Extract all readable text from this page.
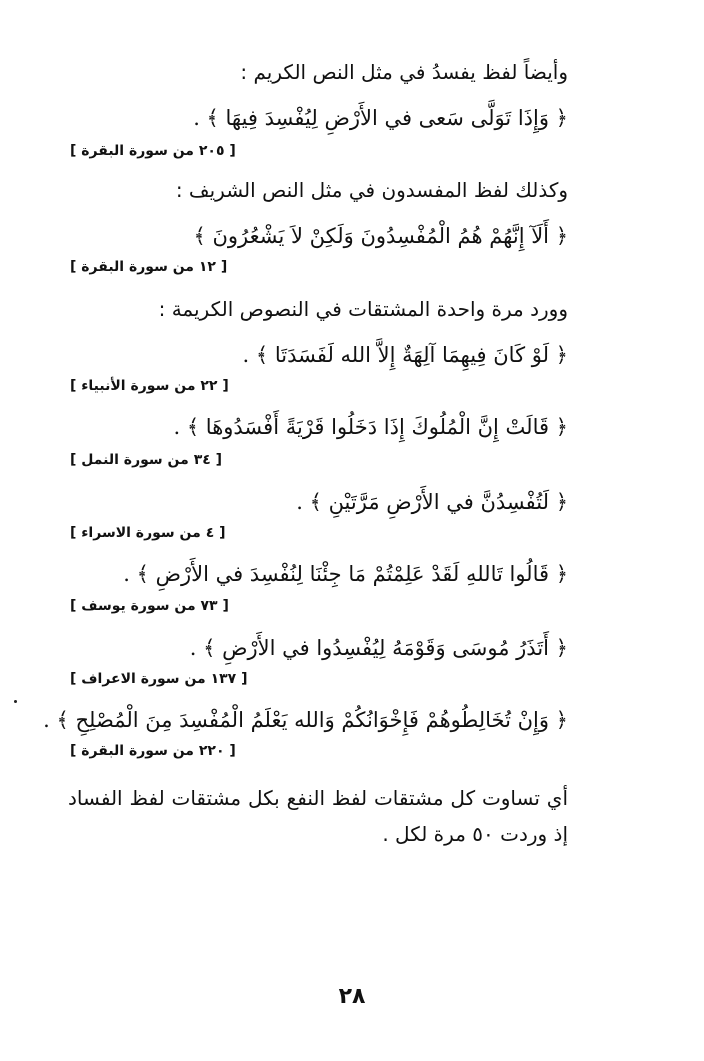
وأيضاً لفظ يفسدُ في مثل النص الكريم :
﴿ وَإِذَا تَوَلَّى سَعى في الأَرْضِ لِيُفْسِدَ فِيهَا ﴾ .
[ ٢٠٥ من سورة البقرة ]
وكذلك لفظ المفسدون في مثل النص الشريف :
﴿ أَلَآ إِنَّهُمْ هُمُ الْمُفْسِدُونَ وَلَكِنْ لاَ يَشْعُرُونَ ﴾
[ ١٢ من سورة البقرة ]
وورد مرة واحدة المشتقات في النصوص الكريمة :
﴿ لَوْ كَانَ فِيهِمَا آلِهَةٌ إِلاَّ الله لَفَسَدَتَا ﴾ .
[ ٢٢ من سورة الأنبياء ]
﴿ قَالَتْ إِنَّ الْمُلُوكَ إِذَا دَخَلُوا قَرْيَةً أَفْسَدُوهَا ﴾ .
[ ٣٤ من سورة النمل ]
﴿ لَتُفْسِدُنَّ في الأَرْضِ مَرَّتَيْنِ ﴾ .
[ ٤ من سورة الاسراء ]
﴿ قَالُوا تَاللهِ لَقَدْ عَلِمْتُمْ مَا جِئْنَا لِنُفْسِدَ في الأَرْضِ ﴾ .
[ ٧٣ من سورة يوسف ]
﴿ أَتَذَرُ مُوسَى وَقَوْمَهُ لِيُفْسِدُوا في الأَرْضِ ﴾ .
[ ١٣٧ من سورة الاعراف ]
﴿ وَإِنْ تُخَالِطُوهُمْ فَإِخْوَانُكُمْ وَالله يَعْلَمُ الْمُفْسِدَ مِنَ الْمُصْلِحِ ﴾ .
[ ٢٢٠ من سورة البقرة ]
أي تساوت كل مشتقات لفظ النفع بكل مشتقات لفظ الفساد إذ وردت ٥٠ مرة لكل .
٢٨
